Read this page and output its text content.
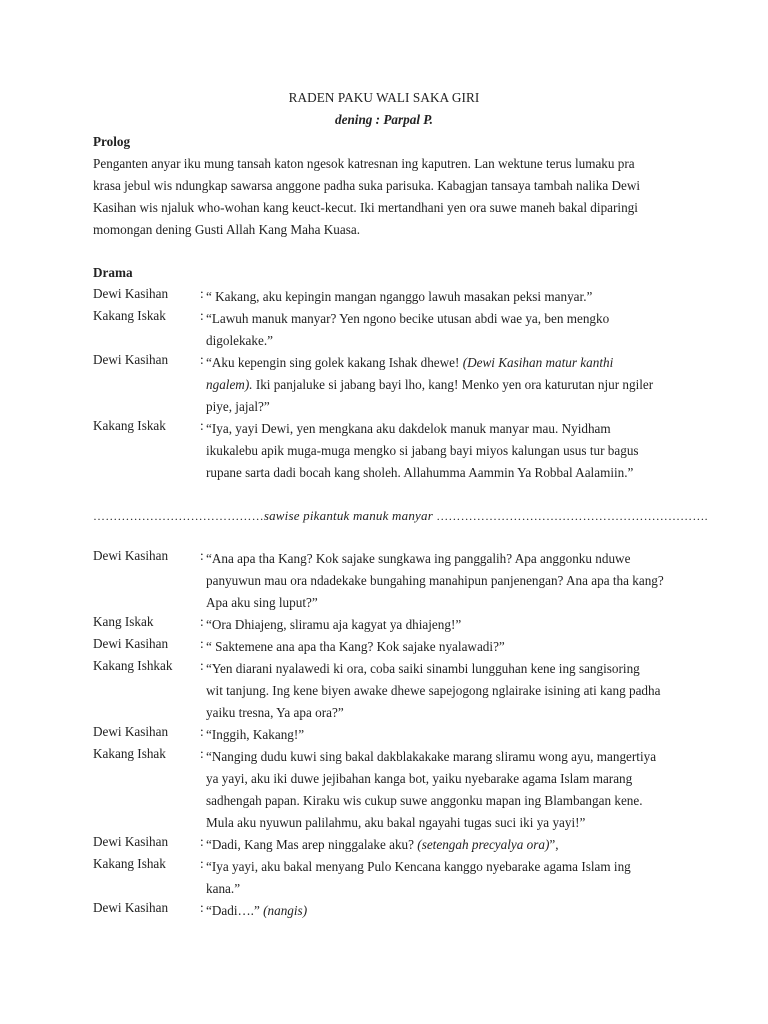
RADEN PAKU WALI SAKA GIRI
dening : Parpal P.
Prolog
Penganten anyar iku mung tansah katon ngesok katresnan ing kaputren. Lan wektune terus lumaku pra
krasa jebul wis ndungkap sawarsa anggone padha suka parisuka. Kabagjan tansaya tambah nalika Dewi
Kasihan wis njaluk who-wohan kang keuct-kecut. Iki mertandhani yen ora suwe maneh bakal diparingi
momongan dening Gusti Allah Kang Maha Kuasa.
Drama
Dewi Kasihan : “ Kakang, aku kepingin mangan nganggo lawuh masakan peksi manyar.”
Kakang Iskak	: “Lawuh manuk manyar? Yen ngono becike utusan abdi wae ya, ben mengko
digolekake.”
Dewi Kasihan : “Aku kepengin sing golek kakang Ishak dhewe! (Dewi Kasihan matur kanthi
ngalem). Iki panjaluke si jabang bayi lho, kang! Menko yen ora katurutan njur ngiler
piye, jajal?”
Kakang Iskak	: “Iya, yayi Dewi, yen mengkana aku dakdelok manuk manyar mau. Nyidham
ikukalebu apik muga-muga mengko si jabang bayi miyos kalungan usus tur bagus
rupane sarta dadi bocah kang sholeh. Allahumma Aammin Ya Robbal Aalamiin.”
……………………………………sawise pikantuk manuk manyar ………………………………………………………….
Dewi Kasihan : “Ana apa tha Kang? Kok sajake sungkawa ing panggalih? Apa anggonku nduwe
panyuwun mau ora ndadekake bungahing manahipun panjenengan? Ana apa tha kang?
Apa aku sing luput?”
Kang Iskak	: “Ora Dhiajeng, sliramu aja kagyat ya dhiajeng!”
Dewi Kasihan : “ Saktemene ana apa tha Kang? Kok sajake nyalawadi?”
Kakang Ishkak : “Yen diarani nyalawedi ki ora, coba saiki sinambi lungguhan kene ing sangisoring
wit tanjung. Ing kene biyen awake dhewe sapejogong nglairake isining ati kang padha
yaiku tresna, Ya apa ora?”
Dewi Kasihan : “Inggih, Kakang!”
Kakang Ishak	: “Nanging dudu kuwi sing bakal dakblakakake marang sliramu wong ayu, mangertiya
ya yayi, aku iki duwe jejibahan kanga bot, yaiku nyebarake agama Islam marang
sadhengah papan. Kiraku wis cukup suwe anggonku mapan ing Blambangan kene.
Mula aku nyuwun palilahmu, aku bakal ngayahi tugas suci iki ya yayi!”
Dewi Kasihan : “Dadi, Kang Mas arep ninggalake aku? (setengah precyalya ora)”,
Kakang Ishak	: “Iya yayi, aku bakal menyang Pulo Kencana kanggo nyebarake agama Islam ing
kana.”
Dewi Kasihan : “Dadi….” (nangis)
